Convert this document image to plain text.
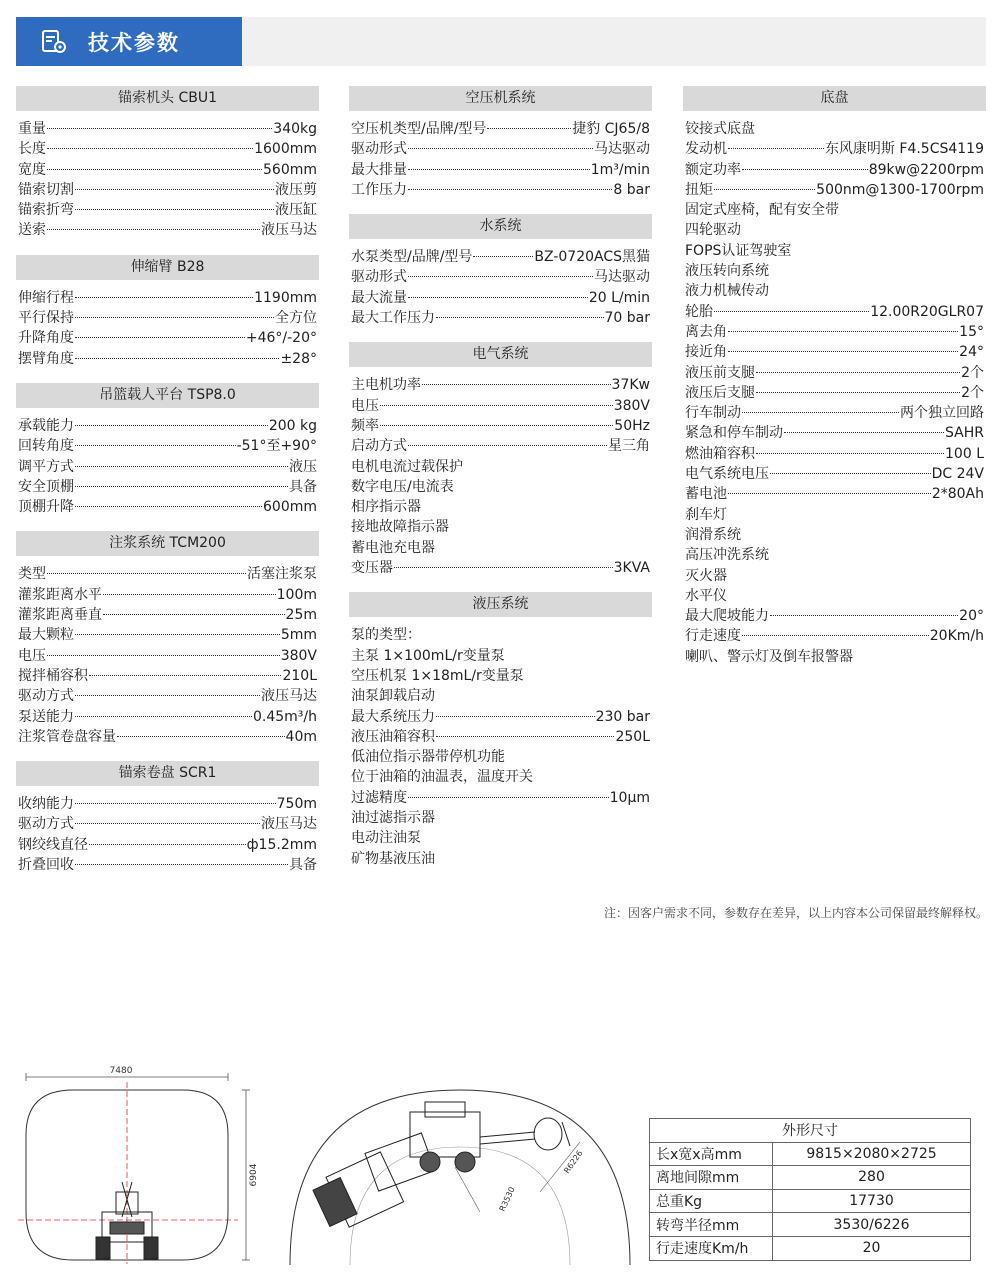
技术参数
锚索机头 CBU1
重量	340kg
长度	1600mm
宽度	560mm
锚索切割	液压剪
锚索折弯	液压缸
送索	液压马达
伸缩臂 B28
伸缩行程	1190mm
平行保持	全方位
升降角度	+46°/-20°
摆臂角度	±28°
吊篮载人平台 TSP8.0
承载能力	200 kg
回转角度	-51°至+90°
调平方式	液压
安全顶棚	具备
顶棚升降	600mm
注浆系统 TCM200
类型	活塞注浆泵
灌浆距离水平	100m
灌浆距离垂直	25m
最大颗粒	5mm
电压	380V
搅拌桶容积	210L
驱动方式	液压马达
泵送能力	0.45m³/h
注浆管卷盘容量	40m
锚索卷盘 SCR1
收纳能力	750m
驱动方式	液压马达
钢绞线直径	ф15.2mm
折叠回收	具备
空压机系统
空压机类型/品牌/型号	捷豹 CJ65/8
驱动形式	马达驱动
最大排量	1m³/min
工作压力	8 bar
水系统
水泵类型/品牌/型号	BZ-0720ACS黑猫
驱动形式	马达驱动
最大流量	20 L/min
最大工作压力	70 bar
电气系统
主电机功率	37Kw
电压	380V
频率	50Hz
启动方式	星三角
电机电流过载保护
数字电压/电流表
相序指示器
接地故障指示器
蓄电池充电器
变压器	3KVA
液压系统
泵的类型：
主泵 1×100mL/r变量泵
空压机泵 1×18mL/r变量泵
油泵卸载启动
最大系统压力	230 bar
液压油箱容积	250L
低油位指示器带停机功能
位于油箱的油温表，温度开关
过滤精度	10μm
油过滤指示器
电动注油泵
矿物基液压油
底盘
铰接式底盘
发动机	东风康明斯 F4.5CS4119
额定功率	89kw@2200rpm
扭矩	500nm@1300-1700rpm
固定式座椅，配有安全带
四轮驱动
FOPS认证驾驶室
液压转向系统
液力机械传动
轮胎	12.00R20GLR07
离去角	15°
接近角	24°
液压前支腿	2个
液压后支腿	2个
行车制动	两个独立回路
紧急和停车制动	SAHR
燃油箱容积	100 L
电气系统电压	DC 24V
蓄电池	2*80Ah
刹车灯
润滑系统
高压冲洗系统
灭火器
水平仪
最大爬坡能力	20°
行走速度	20Km/h
喇叭、警示灯及倒车报警器
注：因客户需求不同，参数存在差异，以上内容本公司保留最终解释权。
7480
6904	R6226
R3530
外形尺寸	
长x宽x高mm	9815×2080×2725
离地间隙mm	280
总重Kg	17730
转弯半径mm	3530/6226
行走速度Km/h	20
